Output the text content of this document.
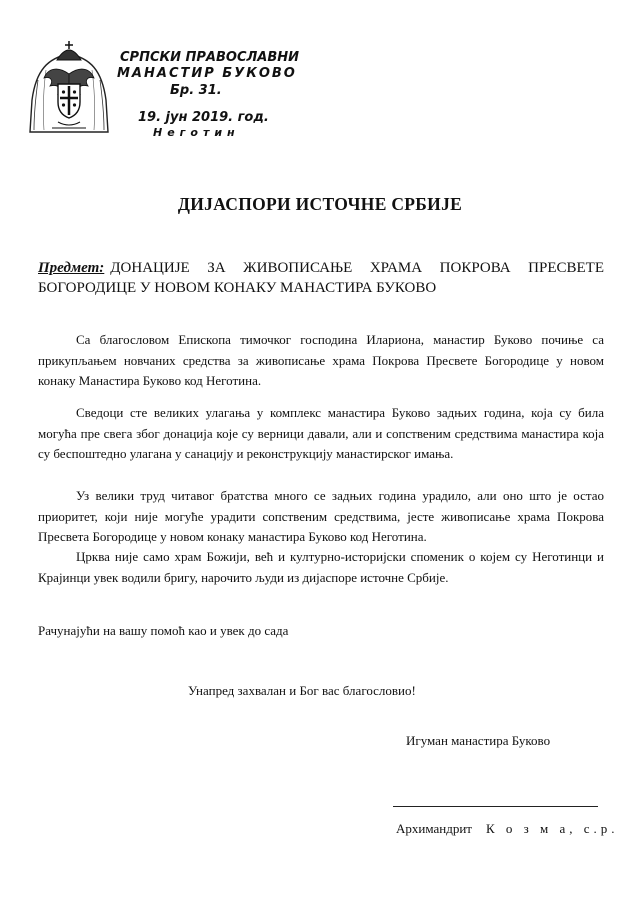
СРПСКИ ПРАВОСЛАВНИ
МАНАСТИР БУКОВО
Бр. 31.
19. јун 2019. год.
Неготин
ДИЈАСПОРИ ИСТОЧНЕ СРБИЈЕ
Предмет: ДОНАЦИЈЕ ЗА ЖИВОПИСАЊЕ ХРАМА ПОКРОВА ПРЕСВЕТЕ БОГОРОДИЦЕ У НОВОМ КОНАКУ МАНАСТИРА БУКОВО

Са благословом Епископа тимочког господина Илариона, манастир Буково почиње са прикупљањем новчаних средства за живописање храма Покрова Пресвете Богородице у новом конаку Манастира Буково код Неготина.

Сведоци сте великих улагања у комплекс манастира Буково задњих година, која су била могућа пре свега због донација које су верници давали, али и сопственим средствима манастира која су беспоштедно улагана у санацију и реконструкцију манастирског имања.

Уз велики труд читавог братства много се задњих година урадило, али оно што је остао приоритет, који није могуће урадити сопственим средствима, јесте живописање храма Покрова Пресвета Богородице у новом конаку манастира Буково код Неготина.

Црква није само храм Божији, већ и културно-историјски споменик о којем су Неготинци и Крајинци увек водили бригу, нарочито људи из дијаспоре источне Србије.

Рачунајући на вашу помоћ као и увек до сада
Унапред захвалан и Бог вас благословио!
Игуман манастира Буково
Архимандрит К о з м а, с.р.
